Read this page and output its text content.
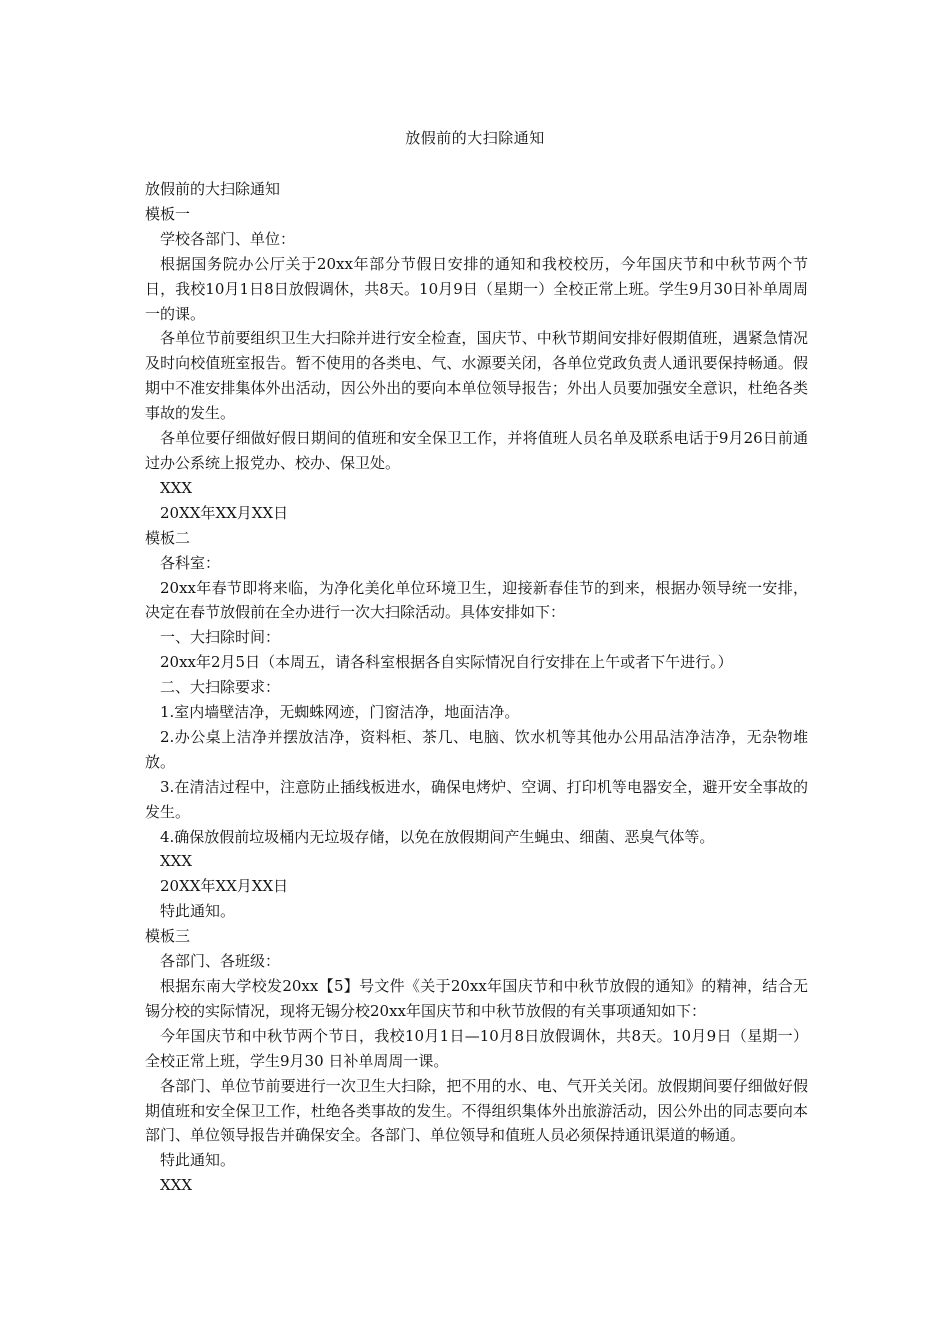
放假前的大扫除通知

放假前的大扫除通知

模板一

学校各部门、单位：

根据国务院办公厅关于20xx年部分节假日安排的通知和我校校历，今年国庆节和中秋节两个节日，我校10月1日8日放假调休，共8天。10月9日（星期一）全校正常上班。学生9月30日补单周周一的课。

各单位节前要组织卫生大扫除并进行安全检查，国庆节、中秋节期间安排好假期值班，遇紧急情况及时向校值班室报告。暂不使用的各类电、气、水源要关闭，各单位党政负责人通讯要保持畅通。假期中不准安排集体外出活动，因公外出的要向本单位领导报告；外出人员要加强安全意识，杜绝各类事故的发生。

各单位要仔细做好假日期间的值班和安全保卫工作，并将值班人员名单及联系电话于9月26日前通过办公系统上报党办、校办、保卫处。

XXX

20XX年XX月XX日

模板二

各科室：

20xx年春节即将来临，为净化美化单位环境卫生，迎接新春佳节的到来，根据办领导统一安排，决定在春节放假前在全办进行一次大扫除活动。具体安排如下：

一、大扫除时间：

20xx年2月5日（本周五，请各科室根据各自实际情况自行安排在上午或者下午进行。）

二、大扫除要求：

1.室内墙壁洁净，无蜘蛛网迹，门窗洁净，地面洁净。

2.办公桌上洁净并摆放洁净，资料柜、茶几、电脑、饮水机等其他办公用品洁净洁净，无杂物堆放。

3.在清洁过程中，注意防止插线板进水，确保电烤炉、空调、打印机等电器安全，避开安全事故的发生。

4.确保放假前垃圾桶内无垃圾存储，以免在放假期间产生蝇虫、细菌、恶臭气体等。

XXX

20XX年XX月XX日

特此通知。

模板三

各部门、各班级：

根据东南大学校发20xx【5】号文件《关于20xx年国庆节和中秋节放假的通知》的精神，结合无锡分校的实际情况，现将无锡分校20xx年国庆节和中秋节放假的有关事项通知如下：

今年国庆节和中秋节两个节日，我校10月1日—10月8日放假调休，共8天。10月9日（星期一）全校正常上班，学生9月30 日补单周周一课。

各部门、单位节前要进行一次卫生大扫除，把不用的水、电、气开关关闭。放假期间要仔细做好假期值班和安全保卫工作，杜绝各类事故的发生。不得组织集体外出旅游活动，因公外出的同志要向本部门、单位领导报告并确保安全。各部门、单位领导和值班人员必须保持通讯渠道的畅通。

特此通知。

XXX
